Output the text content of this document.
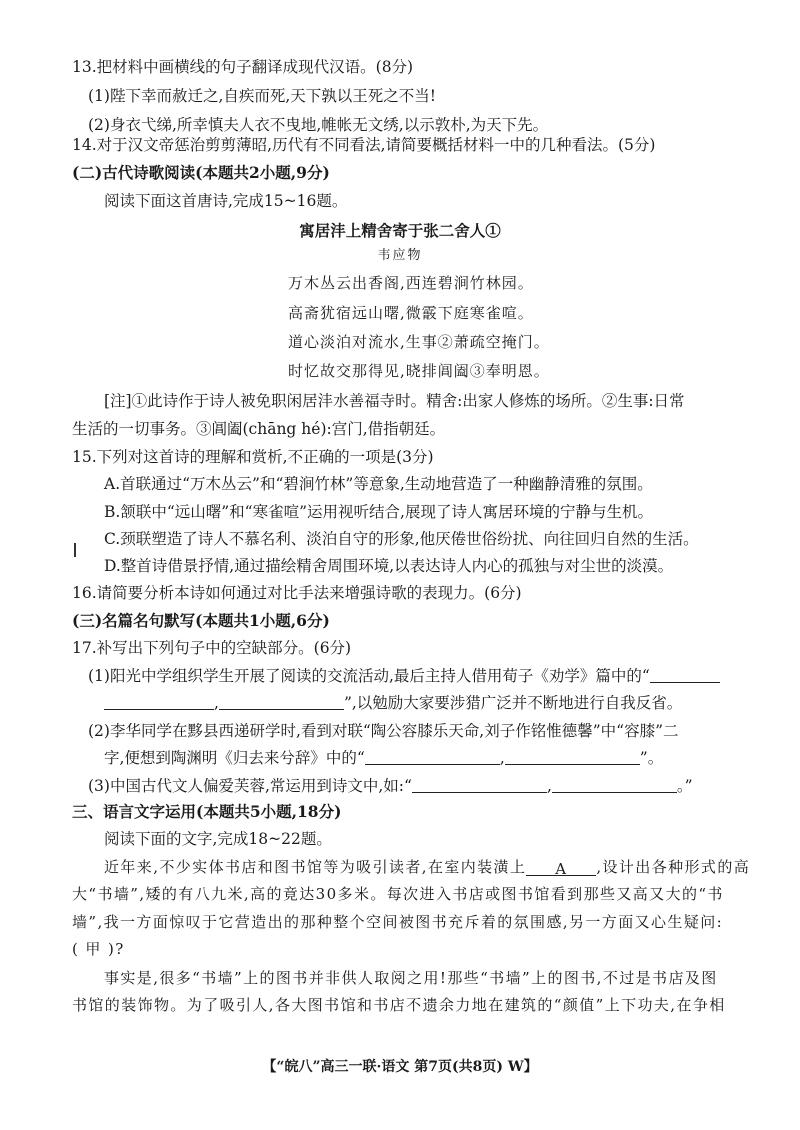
13.把材料中画横线的句子翻译成现代汉语。(8分)
(1)陛下幸而赦迁之,自疾而死,天下孰以王死之不当!
(2)身衣弋绨,所幸慎夫人衣不曳地,帷帐无文绣,以示敦朴,为天下先。
14.对于汉文帝惩治剪剪薄昭,历代有不同看法,请简要概括材料一中的几种看法。(5分)
(二)古代诗歌阅读(本题共2小题,9分)
阅读下面这首唐诗,完成15~16题。
寓居沣上精舍寄于张二舍人①
韦应物
万木丛云出香阁,西连碧涧竹林园。
高斋犹宿远山曙,微霰下庭寒雀喧。
道心淡泊对流水,生事②萧疏空掩门。
时忆故交那得见,晓排阊阖③奉明恩。
[注]①此诗作于诗人被免职闲居沣水善福寺时。精舍:出家人修炼的场所。②生事:日常
生活的一切事务。③阊阖(chāng hé):宫门,借指朝廷。
15.下列对这首诗的理解和赏析,不正确的一项是(3分)
A.首联通过“万木丛云”和“碧涧竹林”等意象,生动地营造了一种幽静清雅的氛围。
B.颔联中“远山曙”和“寒雀喧”运用视听结合,展现了诗人寓居环境的宁静与生机。
C.颈联塑造了诗人不慕名利、淡泊自守的形象,他厌倦世俗纷扰、向往回归自然的生活。
D.整首诗借景抒情,通过描绘精舍周围环境,以表达诗人内心的孤独与对尘世的淡漠。
16.请简要分析本诗如何通过对比手法来增强诗歌的表现力。(6分)
(三)名篇名句默写(本题共1小题,6分)
17.补写出下列句子中的空缺部分。(6分)
(1)阳光中学组织学生开展了阅读的交流活动,最后主持人借用荀子《劝学》篇中的“
,	”,以勉励大家要涉猎广泛并不断地进行自我反省。
(2)李华同学在黟县西递研学时,看到对联“陶公容膝乐天命,刘子作铭惟德馨”中“容膝”二
字,便想到陶渊明《归去来兮辞》中的“	,	”。
(3)中国古代文人偏爱芙蓉,常运用到诗文中,如:“	,	。”
三、语言文字运用(本题共5小题,18分)
阅读下面的文字,完成18~22题。
近年来,不少实体书店和图书馆等为吸引读者,在室内装潢上 A ,设计出各种形式的高
大“书墙”,矮的有八九米,高的竟达30多米。每次进入书店或图书馆看到那些又高又大的“书
墙”,我一方面惊叹于它营造出的那种整个空间被图书充斥着的氛围感,另一方面又心生疑问:
( 甲 )?
事实是,很多“书墙”上的图书并非供人取阅之用!那些“书墙”上的图书,不过是书店及图
书馆的装饰物。为了吸引人,各大图书馆和书店不遗余力地在建筑的“颜值”上下功夫,在争相
【“皖八”高三一联·语文 第7页(共8页) W】
